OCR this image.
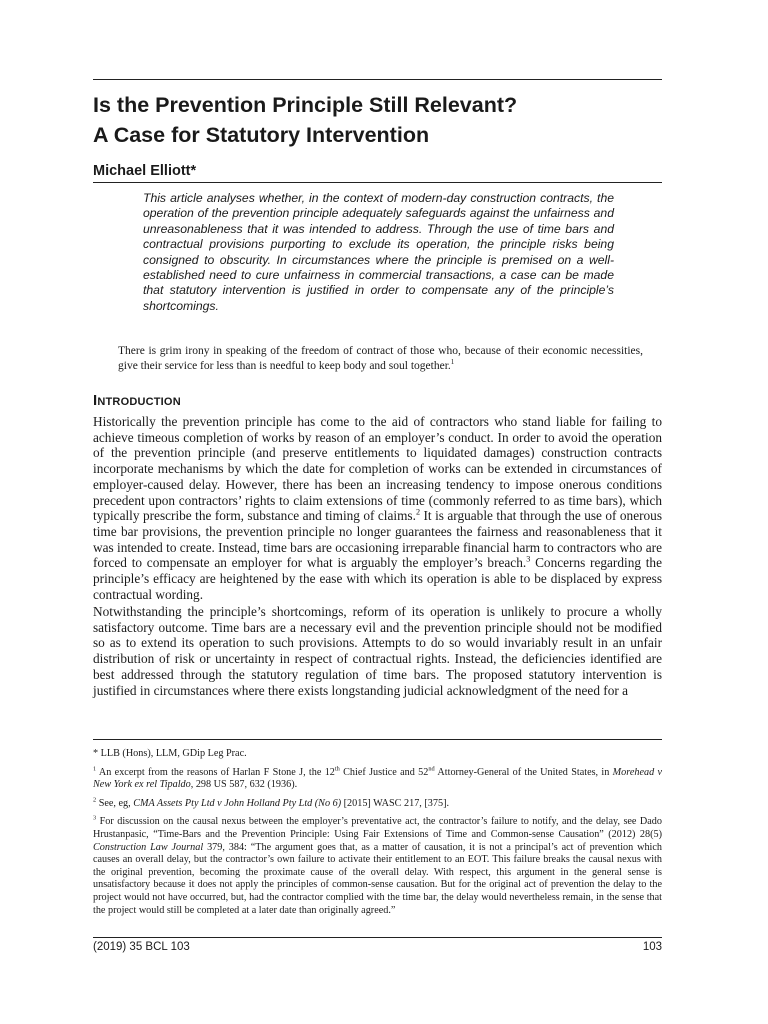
Is the Prevention Principle Still Relevant?
A Case for Statutory Intervention
Michael Elliott*

This article analyses whether, in the context of modern-day construction contracts, the operation of the prevention principle adequately safeguards against the unfairness and unreasonableness that it was intended to address. Through the use of time bars and contractual provisions purporting to exclude its operation, the principle risks being consigned to obscurity. In circumstances where the principle is premised on a well-established need to cure unfairness in commercial transactions, a case can be made that statutory intervention is justified in order to compensate any of the principle’s shortcomings.

There is grim irony in speaking of the freedom of contract of those who, because of their economic necessities, give their service for less than is needful to keep body and soul together.$^1$

Introduction

Historically the prevention principle has come to the aid of contractors who stand liable for failing to achieve timeous completion of works by reason of an employer’s conduct. In order to avoid the operation of the prevention principle (and preserve entitlements to liquidated damages) construction contracts incorporate mechanisms by which the date for completion of works can be extended in circumstances of employer-caused delay. However, there has been an increasing tendency to impose onerous conditions precedent upon contractors’ rights to claim extensions of time (commonly referred to as time bars), which typically prescribe the form, substance and timing of claims.$^2$ It is arguable that through the use of onerous time bar provisions, the prevention principle no longer guarantees the fairness and reasonableness that it was intended to create. Instead, time bars are occasioning irreparable financial harm to contractors who are forced to compensate an employer for what is arguably the employer’s breach.$^3$ Concerns regarding the principle’s efficacy are heightened by the ease with which its operation is able to be displaced by express contractual wording.

Notwithstanding the principle’s shortcomings, reform of its operation is unlikely to procure a wholly satisfactory outcome. Time bars are a necessary evil and the prevention principle should not be modified so as to extend its operation to such provisions. Attempts to do so would invariably result in an unfair distribution of risk or uncertainty in respect of contractual rights. Instead, the deficiencies identified are best addressed through the statutory regulation of time bars. The proposed statutory intervention is justified in circumstances where there exists longstanding judicial acknowledgment of the need for a

* LLB (Hons), LLM, GDip Leg Prac.

$^1$ An excerpt from the reasons of Harlan F Stone J, the 12th Chief Justice and 52nd Attorney-General of the United States, in Morehead v New York ex rel Tipaldo, 298 US 587, 632 (1936).

$^2$ See, eg, CMA Assets Pty Ltd v John Holland Pty Ltd (No 6) [2015] WASC 217, [375].

$^3$ For discussion on the causal nexus between the employer’s preventative act, the contractor’s failure to notify, and the delay, see Dado Hrustanpasic, “Time-Bars and the Prevention Principle: Using Fair Extensions of Time and Common-sense Causation” (2012) 28(5) Construction Law Journal 379, 384: “The argument goes that, as a matter of causation, it is not a principal’s act of prevention which causes an overall delay, but the contractor’s own failure to activate their entitlement to an EOT. This failure breaks the causal nexus with the original prevention, becoming the proximate cause of the overall delay. With respect, this argument in the general sense is unsatisfactory because it does not apply the principles of common-sense causation. But for the original act of prevention the delay to the project would not have occurred, but, had the contractor complied with the time bar, the delay would nevertheless remain, in the sense that the project would still be completed at a later date than originally agreed.”

(2019) 35 BCL 103	103
